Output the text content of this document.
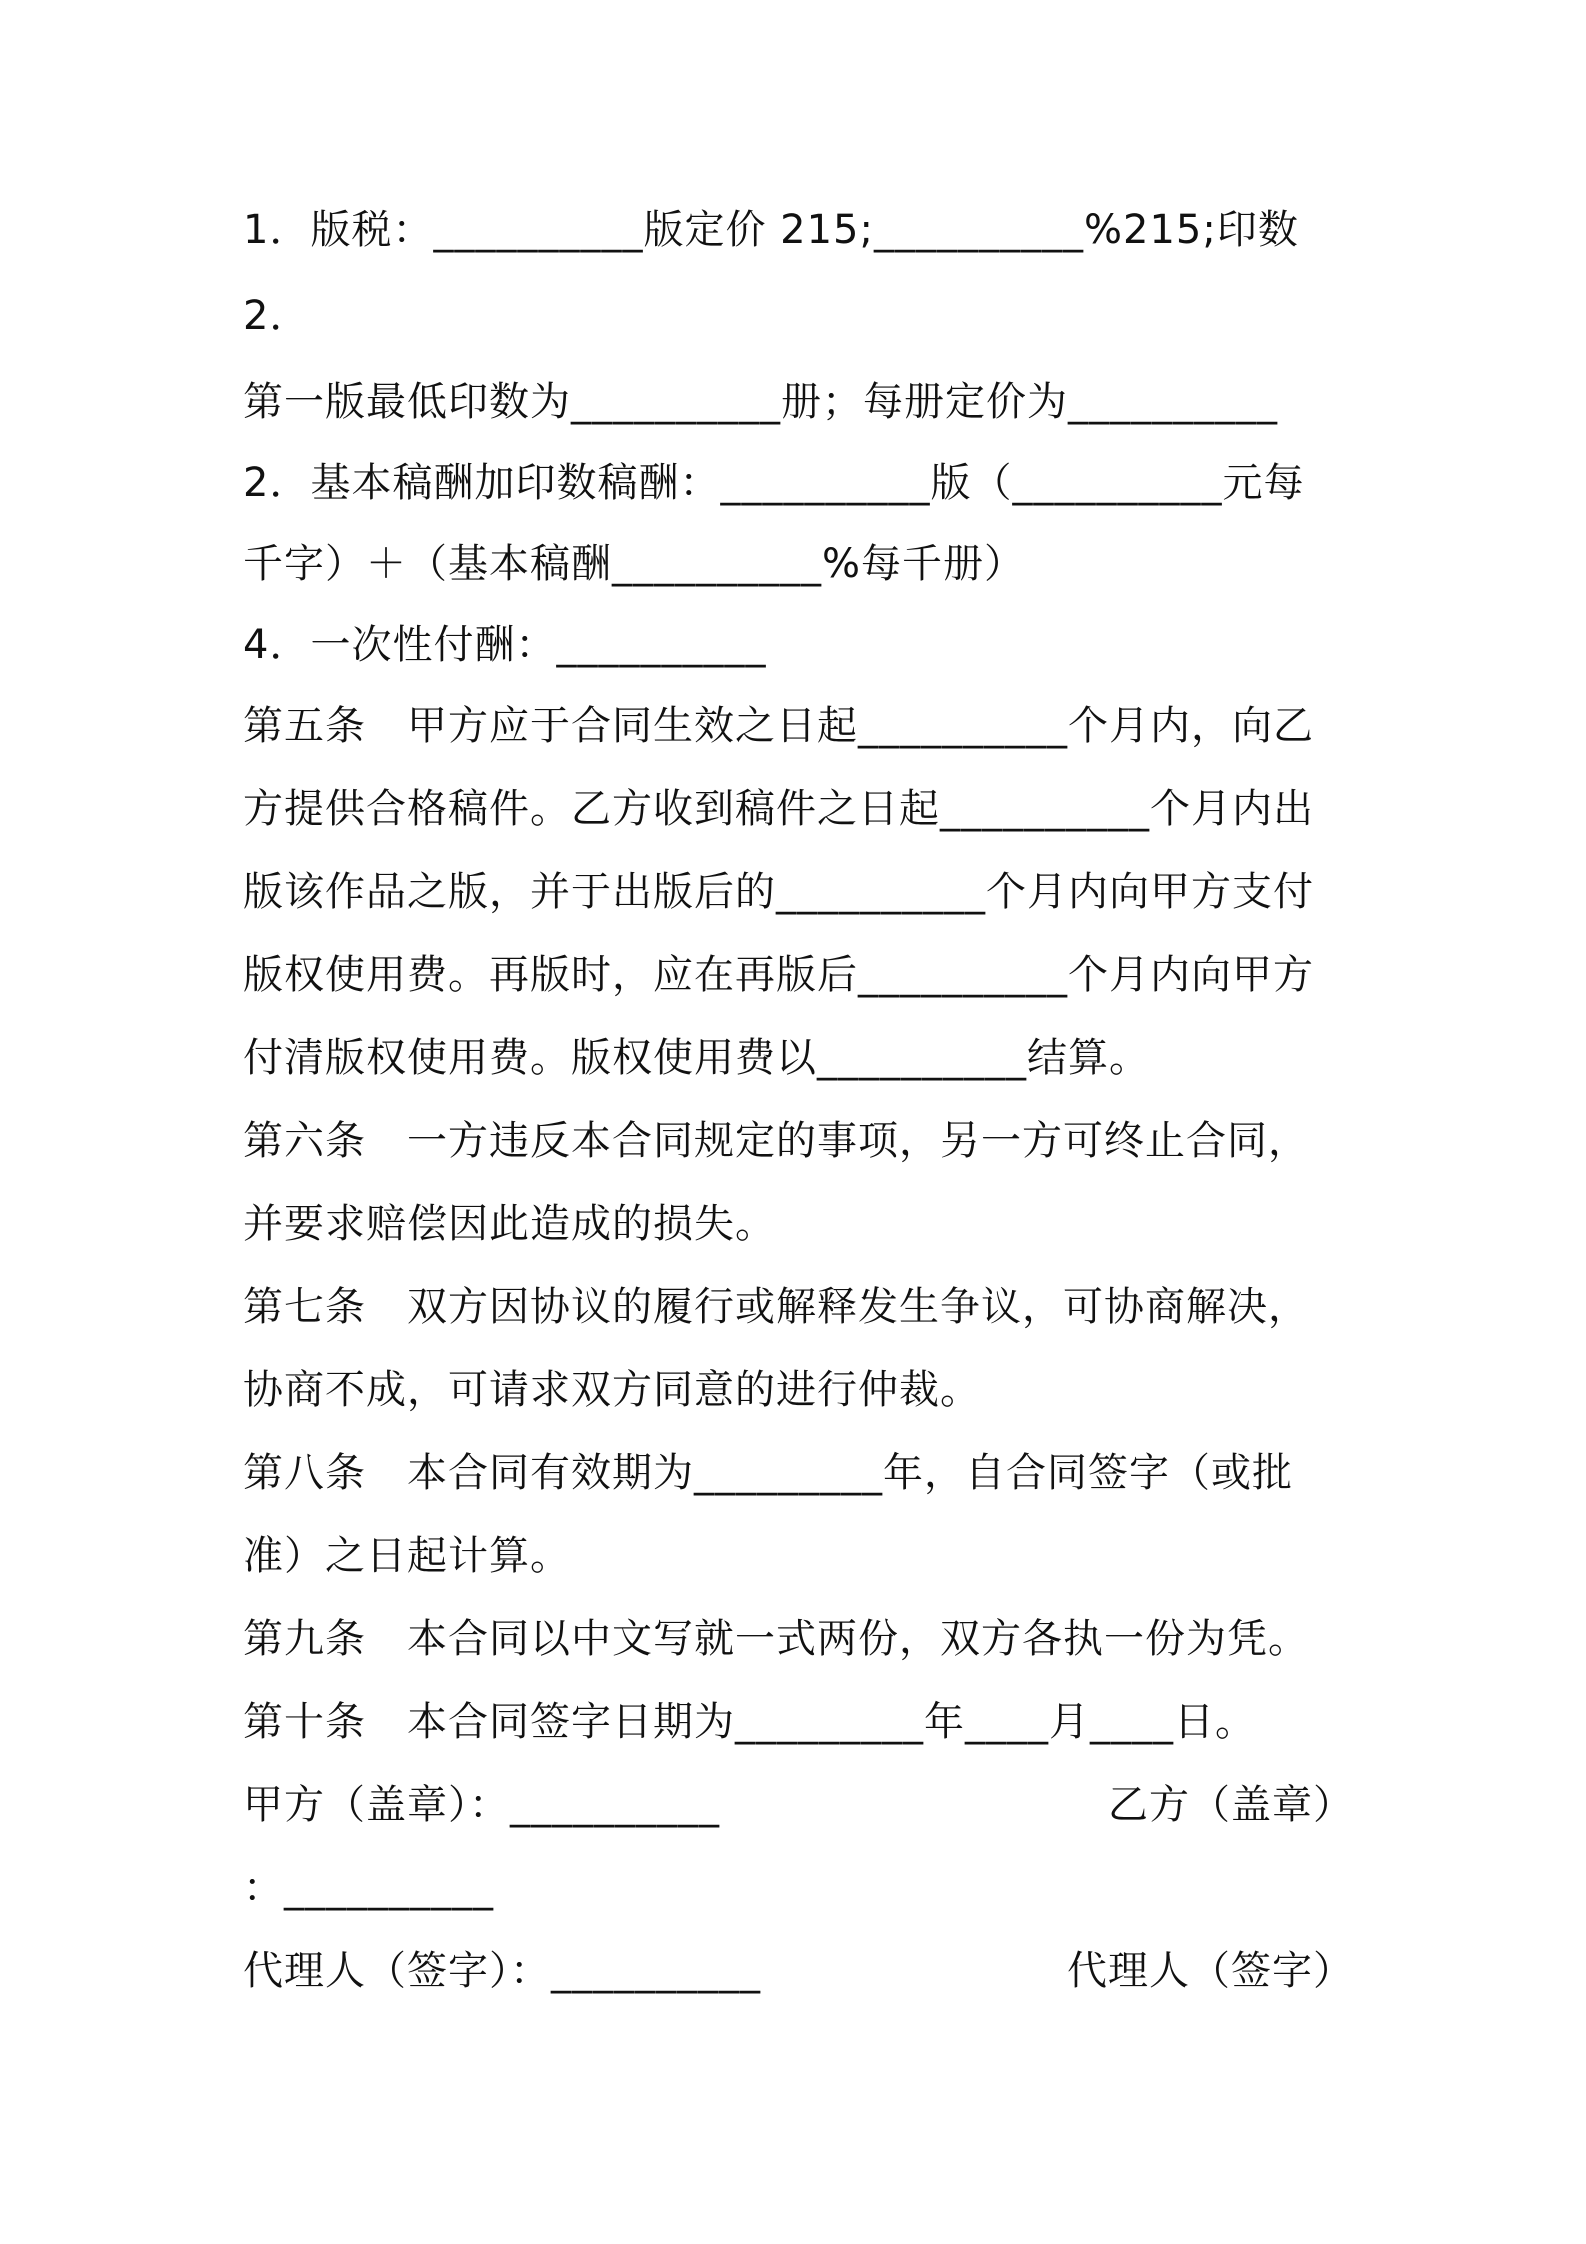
1．版税：__________版定价 215;__________%215;印数
2．
第一版最低印数为__________册；每册定价为__________
2．基本稿酬加印数稿酬：__________版（__________元每
千字）＋（基本稿酬__________%每千册）
4．一次性付酬：__________
第五条　甲方应于合同生效之日起__________个月内，向乙
方提供合格稿件。乙方收到稿件之日起__________个月内出
版该作品之版，并于出版后的__________个月内向甲方支付
版权使用费。再版时，应在再版后__________个月内向甲方
付清版权使用费。版权使用费以__________结算。
第六条　一方违反本合同规定的事项，另一方可终止合同，
并要求赔偿因此造成的损失。
第七条　双方因协议的履行或解释发生争议，可协商解决，
协商不成，可请求双方同意的进行仲裁。
第八条　本合同有效期为_________年，自合同签字（或批
准）之日起计算。
第九条　本合同以中文写就一式两份，双方各执一份为凭。
第十条　本合同签字日期为_________年____月____日。
甲方（盖章）：__________	乙方（盖章）
：__________
代理人（签字）：__________	代理人（签字）
